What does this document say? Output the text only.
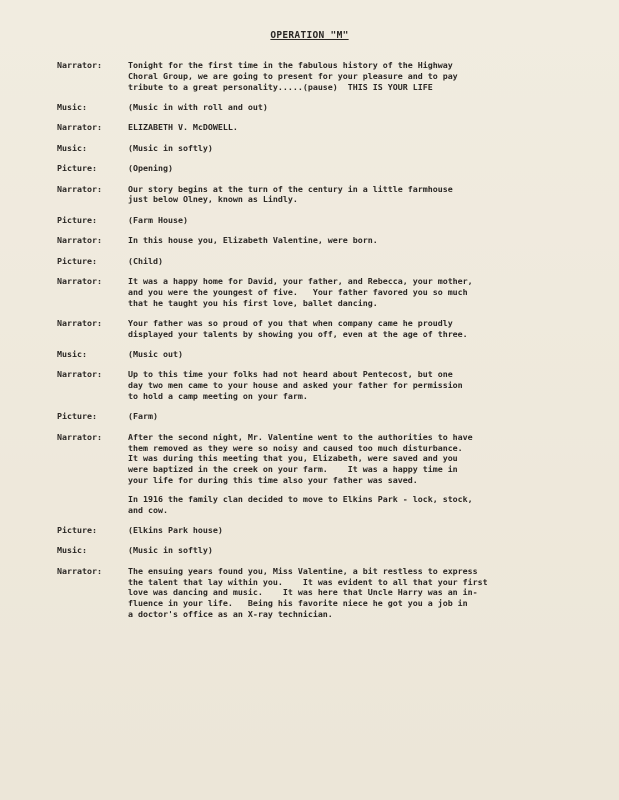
OPERATION "M"
Narrator:	Tonight for the first time in the fabulous history of the Highway
Choral Group, we are going to present for your pleasure and to pay
tribute to a great personality.....(pause)  THIS IS YOUR LIFE
Music:	(Music in with roll and out)
Narrator:	ELIZABETH V. McDOWELL.
Music:	(Music in softly)
Picture:	(Opening)
Narrator:	Our story begins at the turn of the century in a little farmhouse
just below Olney, known as Lindly.
Picture:	(Farm House)
Narrator:	In this house you, Elizabeth Valentine, were born.
Picture:	(Child)
Narrator:	It was a happy home for David, your father, and Rebecca, your mother,
and you were the youngest of five.   Your father favored you so much
that he taught you his first love, ballet dancing.
Narrator:	Your father was so proud of you that when company came he proudly
displayed your talents by showing you off, even at the age of three.
Music:	(Music out)
Narrator:	Up to this time your folks had not heard about Pentecost, but one
day two men came to your house and asked your father for permission
to hold a camp meeting on your farm.
Picture:	(Farm)
Narrator:	After the second night, Mr. Valentine went to the authorities to have
them removed as they were so noisy and caused too much disturbance.
It was during this meeting that you, Elizabeth, were saved and you
were baptized in the creek on your farm.    It was a happy time in
your life for during this time also your father was saved.
In 1916 the family clan decided to move to Elkins Park - lock, stock,
and cow.
Picture:	(Elkins Park house)
Music:	(Music in softly)
Narrator:	The ensuing years found you, Miss Valentine, a bit restless to express
the talent that lay within you.    It was evident to all that your first
love was dancing and music.    It was here that Uncle Harry was an in-
fluence in your life.   Being his favorite niece he got you a job in
a doctor's office as an X-ray technician.
